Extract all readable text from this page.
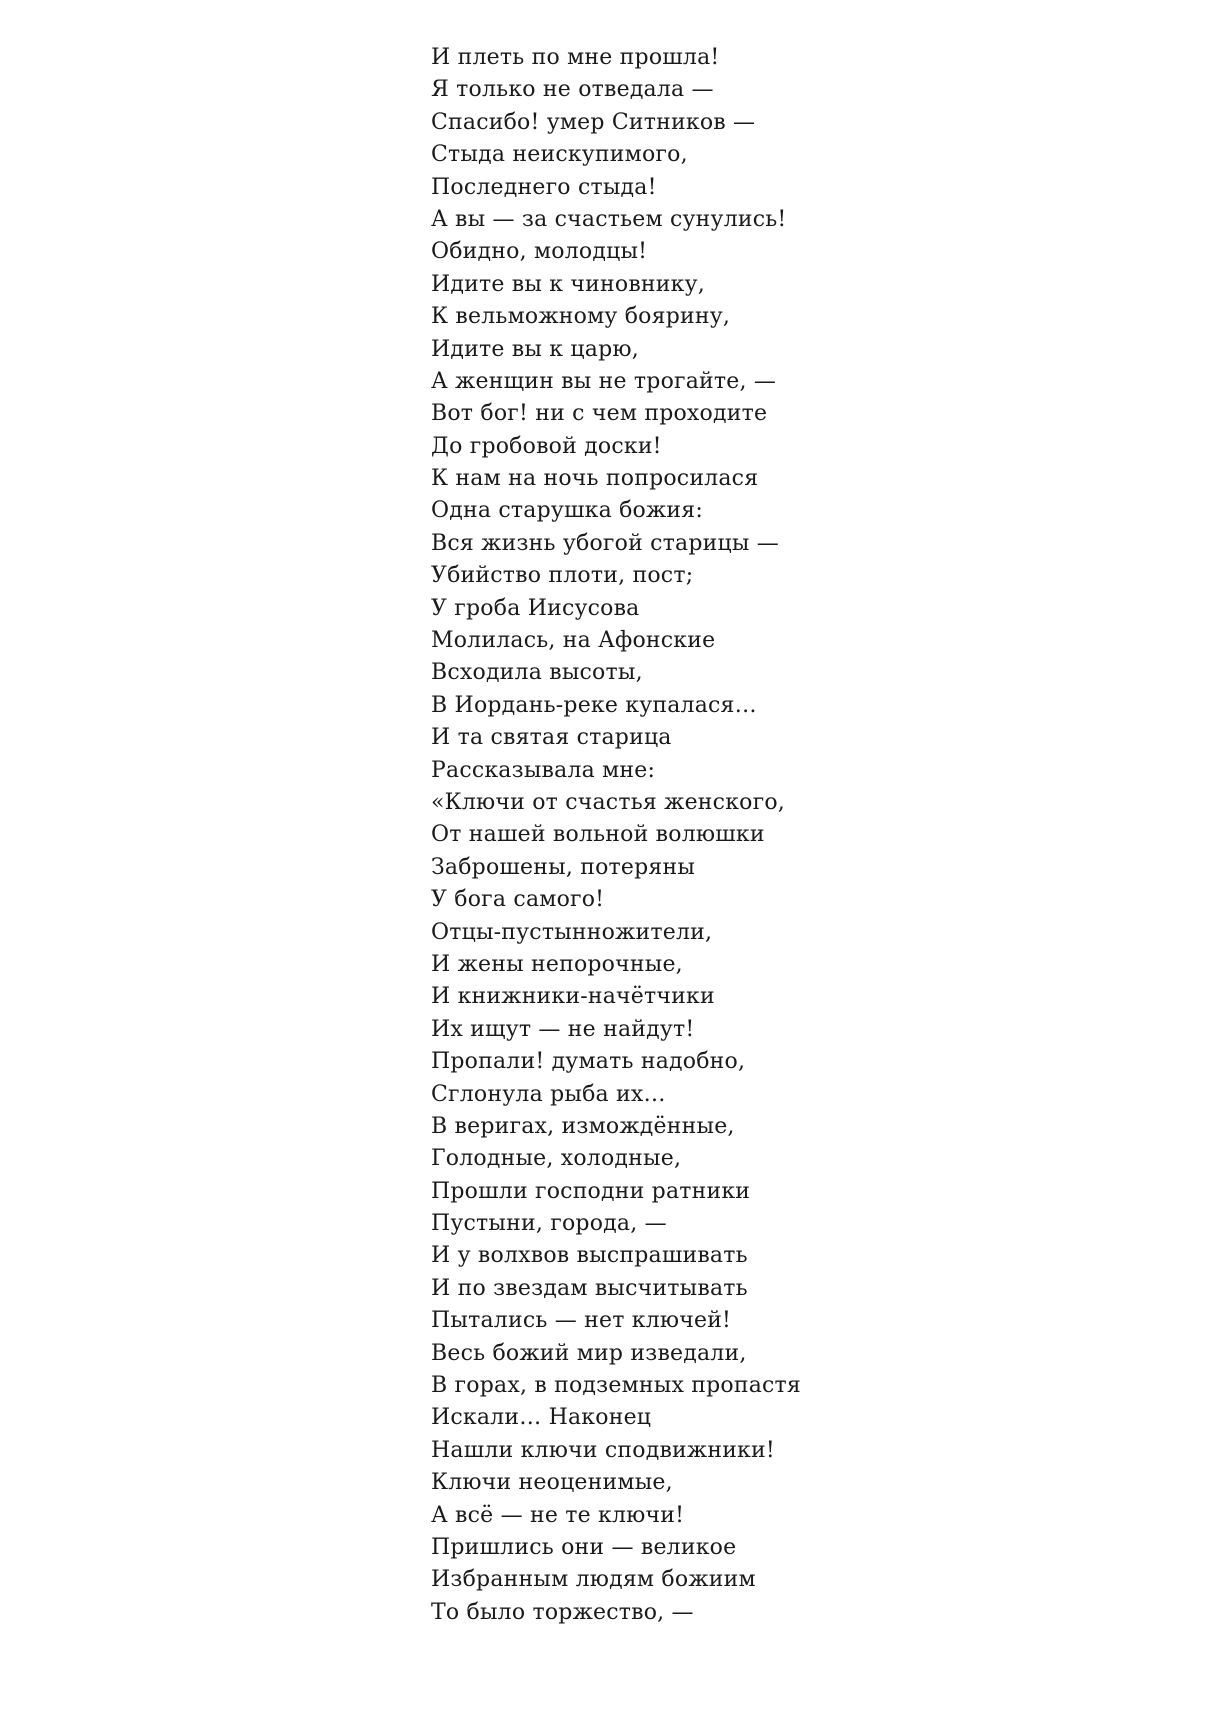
И плеть по мне прошла!
Я только не отведала —
Спасибо! умер Ситников —
Стыда неискупимого,
Последнего стыда!
А вы — за счастьем сунулись!
Обидно, молодцы!
Идите вы к чиновнику,
К вельможному боярину,
Идите вы к царю,
А женщин вы не трогайте, —
Вот бог! ни с чем проходите
До гробовой доски!
К нам на ночь попросилася
Одна старушка божия:
Вся жизнь убогой старицы —
Убийство плоти, пост;
У гроба Иисусова
Молилась, на Афонские
Всходила высоты,
В Иордань-реке купалася…
И та святая старица
Рассказывала мне:
«Ключи от счастья женского,
От нашей вольной волюшки
Заброшены, потеряны
У бога самого!
Отцы-пустынножители,
И жены непорочные,
И книжники-начётчики
Их ищут — не найдут!
Пропали! думать надобно,
Сглонула рыба их…
В веригах, измождённые,
Голодные, холодные,
Прошли господни ратники
Пустыни, города, —
И у волхвов выспрашивать
И по звездам высчитывать
Пытались — нет ключей!
Весь божий мир изведали,
В горах, в подземных пропастя
Искали… Наконец
Нашли ключи сподвижники!
Ключи неоценимые,
А всё — не те ключи!
Пришлись они — великое
Избранным людям божиим
То было торжество, —
